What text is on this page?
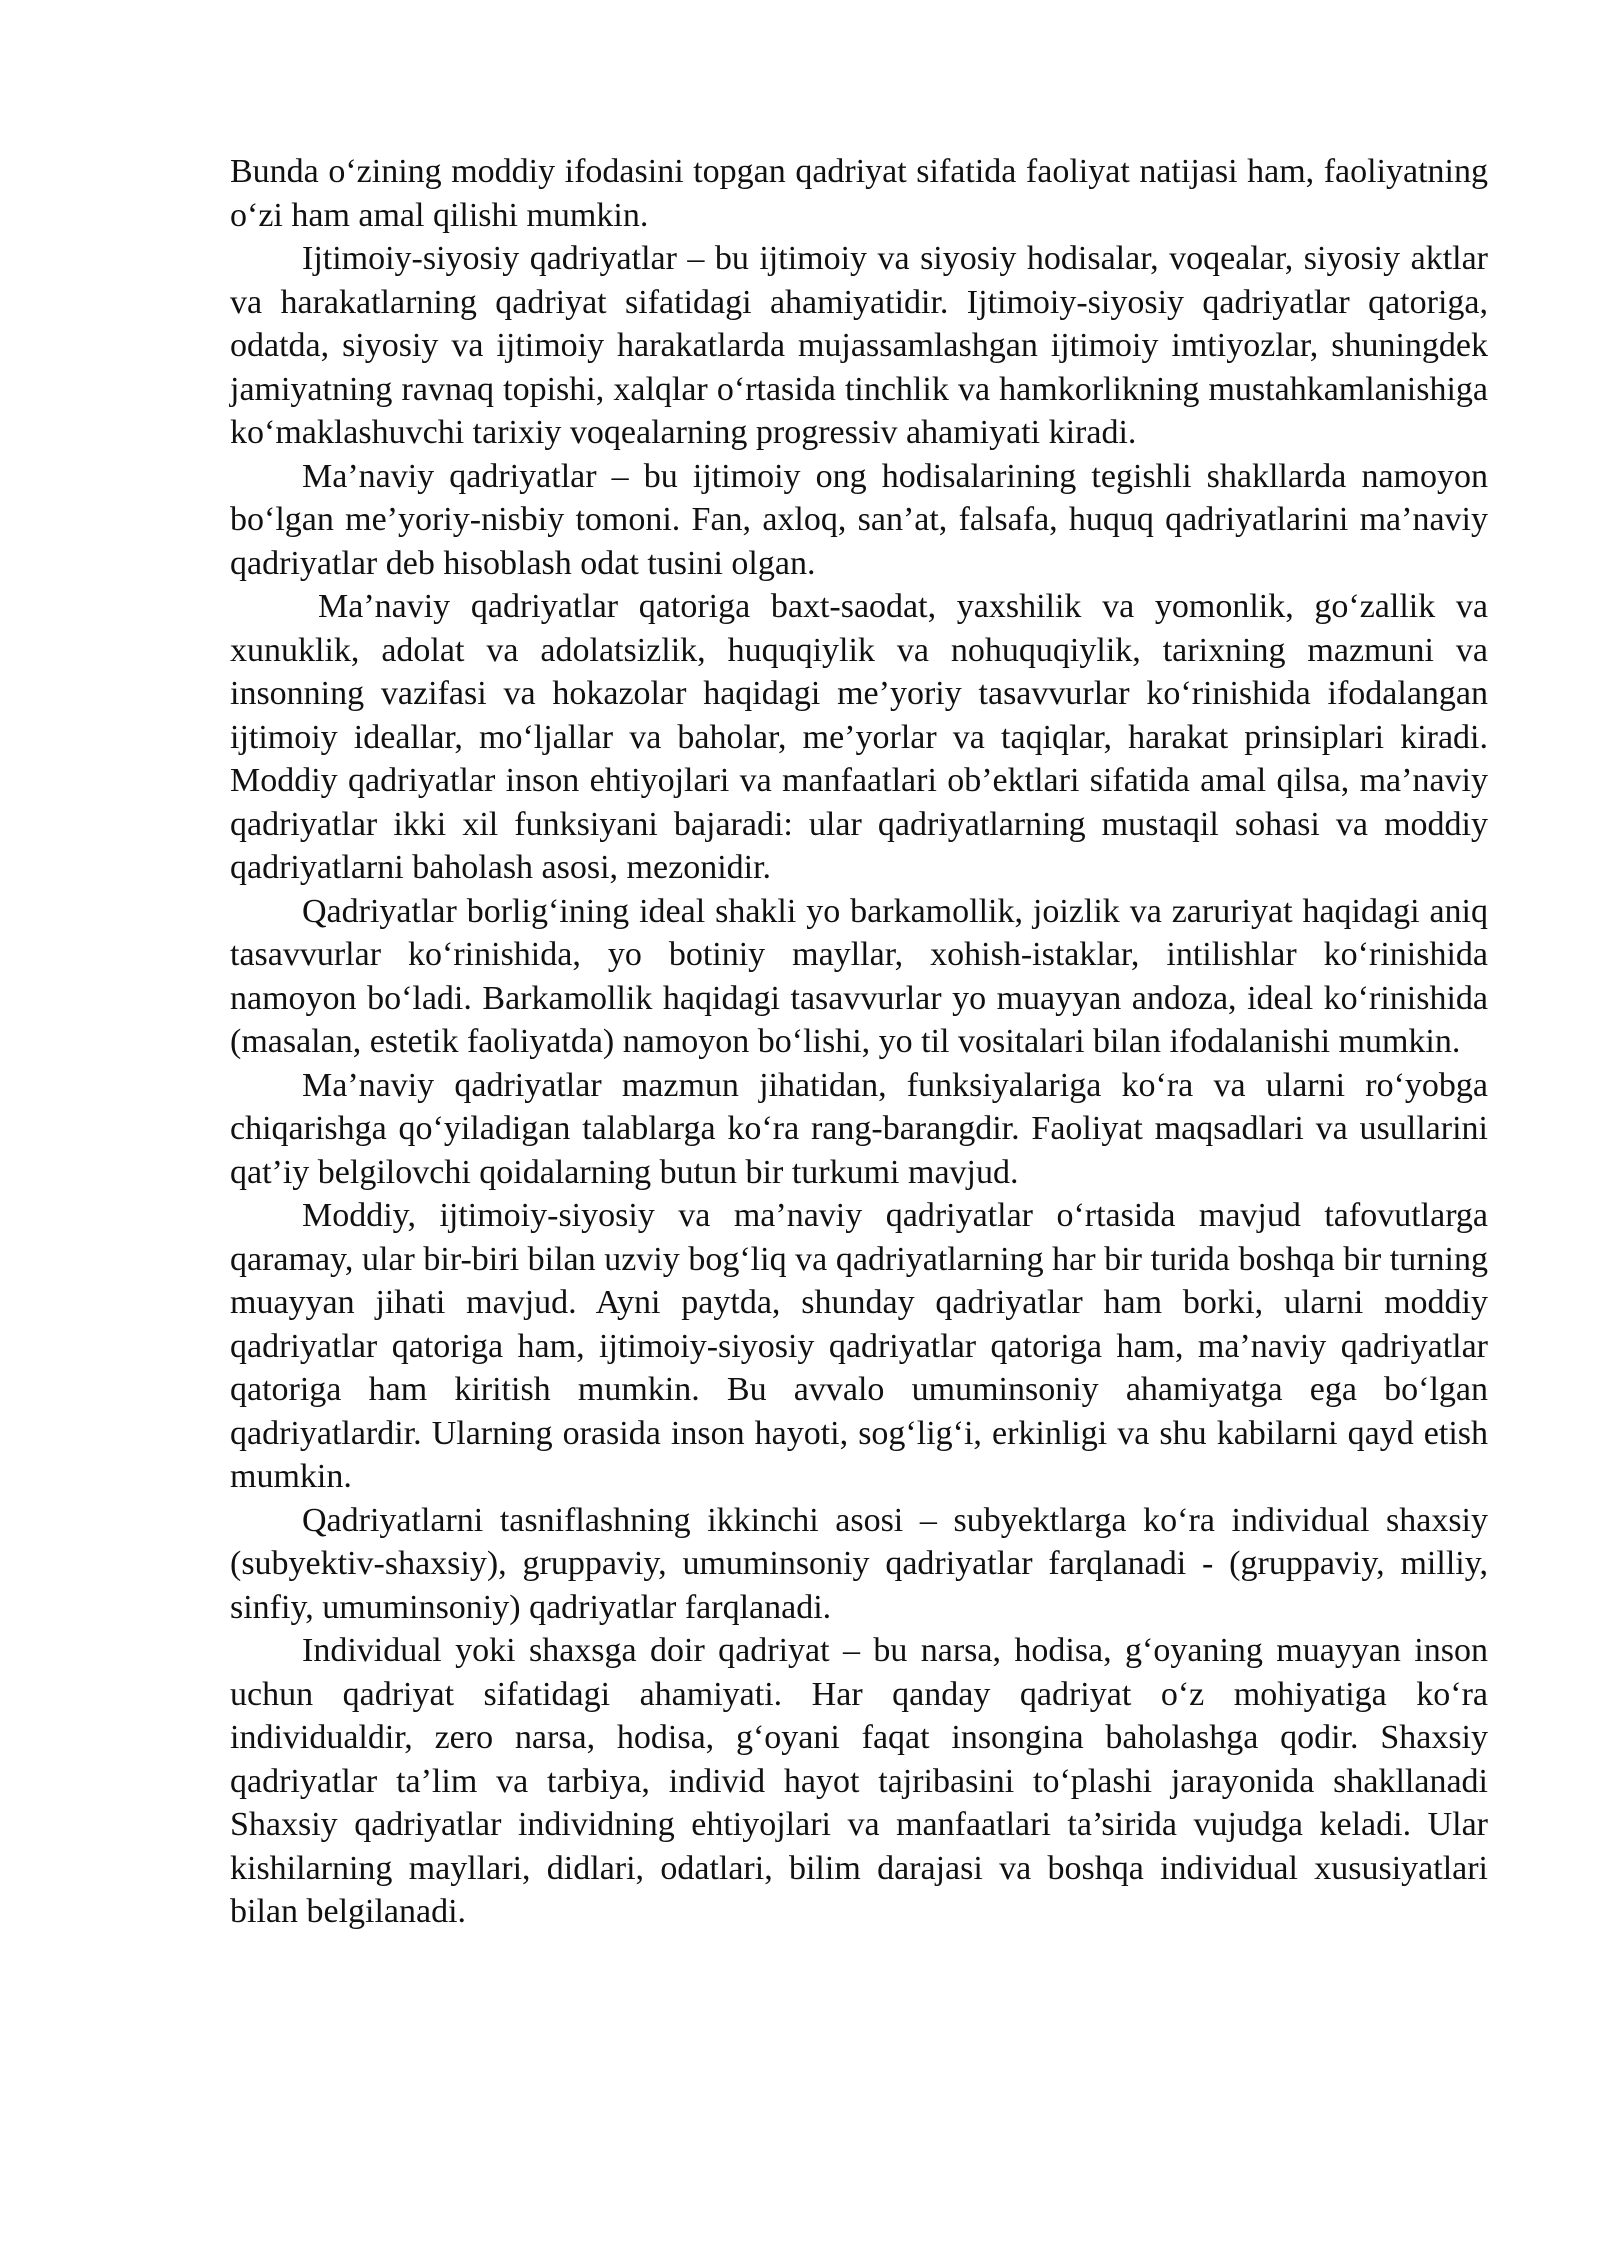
Bunda o‘zining moddiy ifodasini topgan qadriyat sifatida faoliyat natijasi ham, faoliyatning o‘zi ham amal qilishi mumkin.

Ijtimoiy-siyosiy qadriyatlar – bu ijtimoiy va siyosiy hodisalar, voqealar, siyosiy aktlar va harakatlarning qadriyat sifatidagi ahamiyatidir. Ijtimoiy-siyosiy qadriyatlar qatoriga, odatda, siyosiy va ijtimoiy harakatlarda mujassamlashgan ijtimoiy imtiyozlar, shuningdek jamiyatning ravnaq topishi, xalqlar o‘rtasida tinchlik va hamkorlikning mustahkamlanishiga ko‘maklashuvchi tarixiy voqealarning progressiv ahamiyati kiradi.

Ma’naviy qadriyatlar – bu ijtimoiy ong hodisalarining tegishli shakllarda namoyon bo‘lgan me’yoriy-nisbiy tomoni. Fan, axloq, san’at, falsafa, huquq qadriyatlarini ma’naviy qadriyatlar deb hisoblash odat tusini olgan.

Ma’naviy qadriyatlar qatoriga baxt-saodat, yaxshilik va yomonlik, go‘zallik va xunuklik, adolat va adolatsizlik, huquqiylik va nohuquqiylik, tarixning mazmuni va insonning vazifasi va hokazolar haqidagi me’yoriy tasavvurlar ko‘rinishida ifodalangan ijtimoiy ideallar, mo‘ljallar va baholar, me’yorlar va taqiqlar, harakat prinsiplari kiradi. Moddiy qadriyatlar inson ehtiyojlari va manfaatlari ob’ektlari sifatida amal qilsa, ma’naviy qadriyatlar ikki xil funksiyani bajaradi: ular qadriyatlarning mustaqil sohasi va moddiy qadriyatlarni baholash asosi, mezonidir.

Qadriyatlar borlig‘ining ideal shakli yo barkamollik, joizlik va zaruriyat haqidagi aniq tasavvurlar ko‘rinishida, yo botiniy mayllar, xohish-istaklar, intilishlar ko‘rinishida namoyon bo‘ladi. Barkamollik haqidagi tasavvurlar yo muayyan andoza, ideal ko‘rinishida (masalan, estetik faoliyatda) namoyon bo‘lishi, yo til vositalari bilan ifodalanishi mumkin.

Ma’naviy qadriyatlar mazmun jihatidan, funksiyalariga ko‘ra va ularni ro‘yobga chiqarishga qo‘yiladigan talablarga ko‘ra rang-barangdir. Faoliyat maqsadlari va usullarini qat’iy belgilovchi qoidalarning butun bir turkumi mavjud.

Moddiy, ijtimoiy-siyosiy va ma’naviy qadriyatlar o‘rtasida mavjud tafovutlarga qaramay, ular bir-biri bilan uzviy bog‘liq va qadriyatlarning har bir turida boshqa bir turning muayyan jihati mavjud. Ayni paytda, shunday qadriyatlar ham borki, ularni moddiy qadriyatlar qatoriga ham, ijtimoiy-siyosiy qadriyatlar qatoriga ham, ma’naviy qadriyatlar qatoriga ham kiritish mumkin. Bu avvalo umuminsoniy ahamiyatga ega bo‘lgan qadriyatlardir. Ularning orasida inson hayoti, sog‘lig‘i, erkinligi va shu kabilarni qayd etish mumkin.

Qadriyatlarni tasniflashning ikkinchi asosi – subyektlarga ko‘ra individual shaxsiy (subyektiv-shaxsiy), gruppaviy, umuminsoniy qadriyatlar farqlanadi - (gruppaviy, milliy, sinfiy, umuminsoniy) qadriyatlar farqlanadi.

Individual yoki shaxsga doir qadriyat – bu narsa, hodisa, g‘oyaning muayyan inson uchun qadriyat sifatidagi ahamiyati. Har qanday qadriyat o‘z mohiyatiga ko‘ra individualdir, zero narsa, hodisa, g‘oyani faqat insongina baholashga qodir. Shaxsiy qadriyatlar ta’lim va tarbiya, individ hayot tajribasini to‘plashi jarayonida shakllanadi Shaxsiy qadriyatlar individning ehtiyojlari va manfaatlari ta’sirida vujudga keladi. Ular kishilarning mayllari, didlari, odatlari, bilim darajasi va boshqa individual xususiyatlari bilan belgilanadi.
